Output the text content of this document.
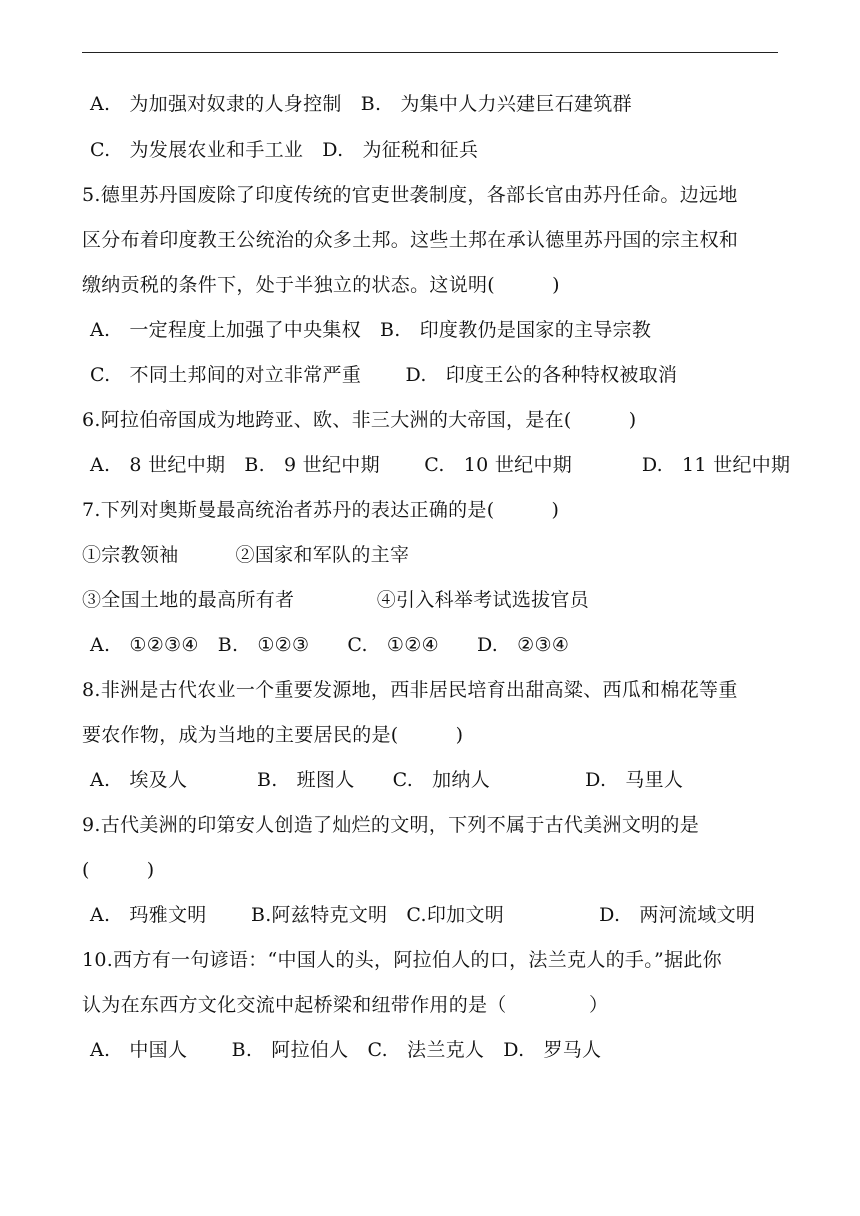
A.   为加强对奴隶的人身控制   B.   为集中人力兴建巨石建筑群
C.   为发展农业和手工业   D.   为征税和征兵
5.德里苏丹国废除了印度传统的官吏世袭制度，各部长官由苏丹任命。边远地
区分布着印度教王公统治的众多土邦。这些土邦在承认德里苏丹国的宗主权和
缴纳贡税的条件下，处于半独立的状态。这说明(         )
A.   一定程度上加强了中央集权   B.   印度教仍是国家的主导宗教
C.   不同土邦间的对立非常严重       D.   印度王公的各种特权被取消
6.阿拉伯帝国成为地跨亚、欧、非三大洲的大帝国，是在(         )
A.   8 世纪中期   B.   9 世纪中期       C.   10 世纪中期           D.   11 世纪中期
7.下列对奥斯曼最高统治者苏丹的表达正确的是(         )
①宗教领袖         ②国家和军队的主宰
③全国土地的最高所有者             ④引入科举考试选拔官员
A.   ①②③④   B.   ①②③      C.   ①②④      D.   ②③④
8.非洲是古代农业一个重要发源地，西非居民培育出甜高粱、西瓜和棉花等重
要农作物，成为当地的主要居民的是(         )
A.   埃及人           B.   班图人      C.   加纳人               D.   马里人
9.古代美洲的印第安人创造了灿烂的文明，下列不属于古代美洲文明的是
(         )
A.   玛雅文明       B.阿兹特克文明   C.印加文明               D.   两河流域文明
10.西方有一句谚语：“中国人的头，阿拉伯人的口，法兰克人的手。”据此你
认为在东西方文化交流中起桥梁和纽带作用的是（             ）
A.   中国人       B.   阿拉伯人   C.   法兰克人   D.   罗马人
